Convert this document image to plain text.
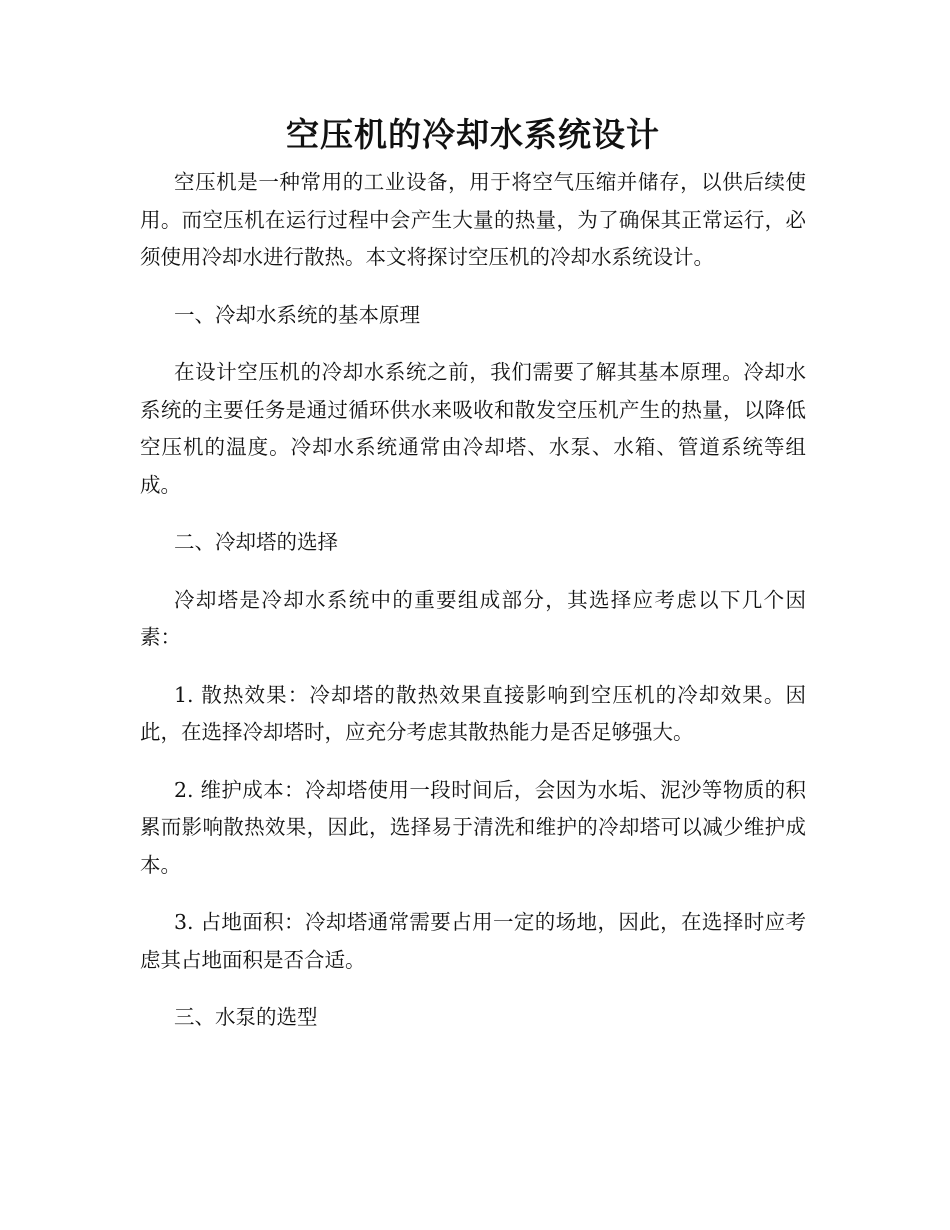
空压机的冷却水系统设计

空压机是一种常用的工业设备，用于将空气压缩并储存，以供后续使用。而空压机在运行过程中会产生大量的热量，为了确保其正常运行，必须使用冷却水进行散热。本文将探讨空压机的冷却水系统设计。

一、冷却水系统的基本原理

在设计空压机的冷却水系统之前，我们需要了解其基本原理。冷却水系统的主要任务是通过循环供水来吸收和散发空压机产生的热量，以降低空压机的温度。冷却水系统通常由冷却塔、水泵、水箱、管道系统等组成。

二、冷却塔的选择

冷却塔是冷却水系统中的重要组成部分，其选择应考虑以下几个因素：

1. 散热效果：冷却塔的散热效果直接影响到空压机的冷却效果。因此，在选择冷却塔时，应充分考虑其散热能力是否足够强大。

2. 维护成本：冷却塔使用一段时间后，会因为水垢、泥沙等物质的积累而影响散热效果，因此，选择易于清洗和维护的冷却塔可以减少维护成本。

3. 占地面积：冷却塔通常需要占用一定的场地，因此，在选择时应考虑其占地面积是否合适。

三、水泵的选型
